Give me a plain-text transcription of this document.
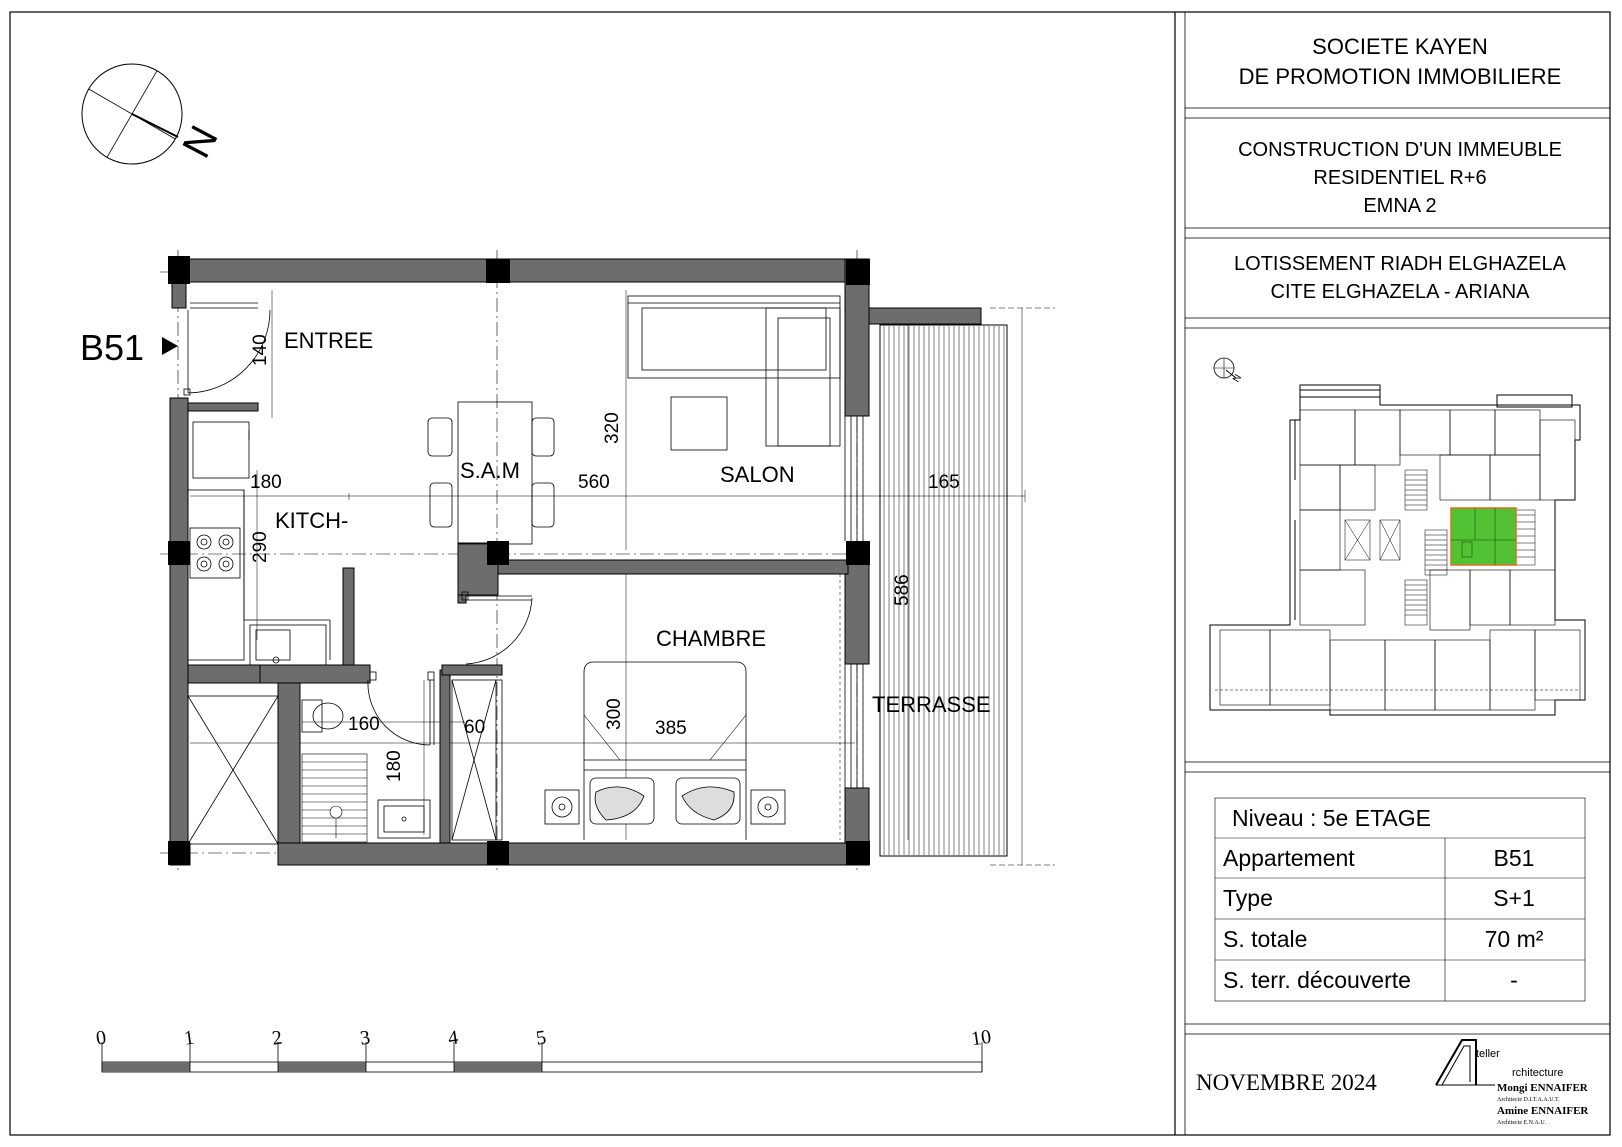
SOCIETE KAYEN
DE PROMOTION IMMOBILIERE
CONSTRUCTION D'UN IMMEUBLE
RESIDENTIEL R+6
EMNA 2
LOTISSEMENT RIADH ELGHAZELA
CITE ELGHAZELA - ARIANA
N
Niveau : 5e ETAGE
Appartement	B51
Type	S+1
S. totale	70 m²
S. terr. découverte	-
NOVEMBRE 2024
teller
rchitecture
Mongi ENNAIFER
Architecte D.I.T.A.A.U.T.
Amine ENNAIFER
Architecte E.N.A.U.
N
B51	ENTREE
S.A.M	SALON
KITCH-
CHAMBRE
TERRASSE
140
180
290
560
320
165
586
160
180
60	300 385
0	1	2	3	4	5	10
